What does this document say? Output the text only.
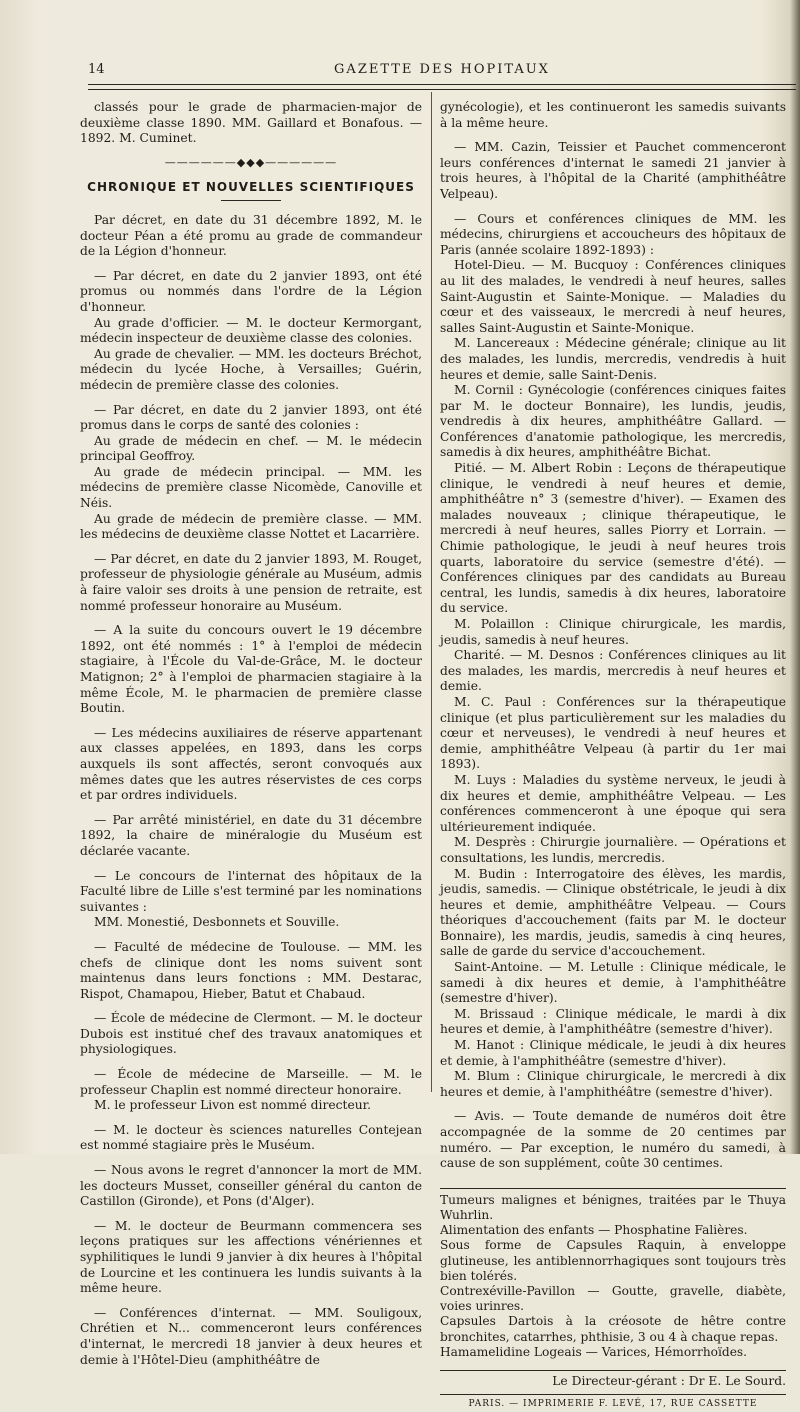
14	GAZETTE DES HOPITAUX

classés pour le grade de pharmacien-major de deuxième classe 1890. MM. Gaillard et Bonafous. — 1892. M. Cuminet.

——————◆◆◆——————
CHRONIQUE ET NOUVELLES SCIENTIFIQUES

Par décret, en date du 31 décembre 1892, M. le docteur Péan a été promu au grade de commandeur de la Légion d'honneur.

— Par décret, en date du 2 janvier 1893, ont été promus ou nommés dans l'ordre de la Légion d'honneur.

Au grade d'officier. — M. le docteur Kermorgant, médecin inspecteur de deuxième classe des colonies.

Au grade de chevalier. — MM. les docteurs Bréchot, médecin du lycée Hoche, à Versailles; Guérin, médecin de première classe des colonies.

— Par décret, en date du 2 janvier 1893, ont été promus dans le corps de santé des colonies :

Au grade de médecin en chef. — M. le médecin principal Geoffroy.

Au grade de médecin principal. — MM. les médecins de première classe Nicomède, Canoville et Néis.

Au grade de médecin de première classe. — MM. les médecins de deuxième classe Nottet et Lacarrière.

— Par décret, en date du 2 janvier 1893, M. Rouget, professeur de physiologie générale au Muséum, admis à faire valoir ses droits à une pension de retraite, est nommé professeur honoraire au Muséum.

— A la suite du concours ouvert le 19 décembre 1892, ont été nommés : 1° à l'emploi de médecin stagiaire, à l'École du Val-de-Grâce, M. le docteur Matignon; 2° à l'emploi de pharmacien stagiaire à la même École, M. le pharmacien de première classe Boutin.

— Les médecins auxiliaires de réserve appartenant aux classes appelées, en 1893, dans les corps auxquels ils sont affectés, seront convoqués aux mêmes dates que les autres réservistes de ces corps et par ordres individuels.

— Par arrêté ministériel, en date du 31 décembre 1892, la chaire de minéralogie du Muséum est déclarée vacante.

— Le concours de l'internat des hôpitaux de la Faculté libre de Lille s'est terminé par les nominations suivantes :

MM. Monestié, Desbonnets et Souville.

— Faculté de médecine de Toulouse. — MM. les chefs de clinique dont les noms suivent sont maintenus dans leurs fonctions : MM. Destarac, Rispot, Chamapou, Hieber, Batut et Chabaud.

— École de médecine de Clermont. — M. le docteur Dubois est institué chef des travaux anatomiques et physiologiques.

— École de médecine de Marseille. — M. le professeur Chaplin est nommé directeur honoraire.

M. le professeur Livon est nommé directeur.

— M. le docteur ès sciences naturelles Contejean est nommé stagiaire près le Muséum.

— Nous avons le regret d'annoncer la mort de MM. les docteurs Musset, conseiller général du canton de Castillon (Gironde), et Pons (d'Alger).

— M. le docteur de Beurmann commencera ses leçons pratiques sur les affections vénériennes et syphilitiques le lundi 9 janvier à dix heures à l'hôpital de Lourcine et les continuera les lundis suivants à la même heure.

— Conférences d'internat. — MM. Souligoux, Chrétien et N... commenceront leurs conférences d'internat, le mercredi 18 janvier à deux heures et demie à l'Hôtel-Dieu (amphithéâtre de

gynécologie), et les continueront les samedis suivants à la même heure.

— MM. Cazin, Teissier et Pauchet commenceront leurs conférences d'internat le samedi 21 janvier à trois heures, à l'hôpital de la Charité (amphithéâtre Velpeau).

— Cours et conférences cliniques de MM. les médecins, chirurgiens et accoucheurs des hôpitaux de Paris (année scolaire 1892-1893) :

Hotel-Dieu. — M. Bucquoy : Conférences cliniques au lit des malades, le vendredi à neuf heures, salles Saint-Augustin et Sainte-Monique. — Maladies du cœur et des vaisseaux, le mercredi à neuf heures, salles Saint-Augustin et Sainte-Monique.

M. Lancereaux : Médecine générale; clinique au lit des malades, les lundis, mercredis, vendredis à huit heures et demie, salle Saint-Denis.

M. Cornil : Gynécologie (conférences ciniques faites par M. le docteur Bonnaire), les lundis, jeudis, vendredis à dix heures, amphithéâtre Gallard. — Conférences d'anatomie pathologique, les mercredis, samedis à dix heures, amphithéâtre Bichat.

Pitié. — M. Albert Robin : Leçons de thérapeutique clinique, le vendredi à neuf heures et demie, amphithéâtre n° 3 (semestre d'hiver). — Examen des malades nouveaux ; clinique thérapeutique, le mercredi à neuf heures, salles Piorry et Lorrain. — Chimie pathologique, le jeudi à neuf heures trois quarts, laboratoire du service (semestre d'été). — Conférences cliniques par des candidats au Bureau central, les lundis, samedis à dix heures, laboratoire du service.

M. Polaillon : Clinique chirurgicale, les mardis, jeudis, samedis à neuf heures.

Charité. — M. Desnos : Conférences cliniques au lit des malades, les mardis, mercredis à neuf heures et demie.

M. C. Paul : Conférences sur la thérapeutique clinique (et plus particulièrement sur les maladies du cœur et nerveuses), le vendredi à neuf heures et demie, amphithéâtre Velpeau (à partir du 1er mai 1893).

M. Luys : Maladies du système nerveux, le jeudi à dix heures et demie, amphithéâtre Velpeau. — Les conférences commenceront à une époque qui sera ultérieurement indiquée.

M. Desprès : Chirurgie journalière. — Opérations et consultations, les lundis, mercredis.

M. Budin : Interrogatoire des élèves, les mardis, jeudis, samedis. — Clinique obstétricale, le jeudi à dix heures et demie, amphithéâtre Velpeau. — Cours théoriques d'accouchement (faits par M. le docteur Bonnaire), les mardis, jeudis, samedis à cinq heures, salle de garde du service d'accouchement.

Saint-Antoine. — M. Letulle : Clinique médicale, le samedi à dix heures et demie, à l'amphithéâtre (semestre d'hiver).

M. Brissaud : Clinique médicale, le mardi à dix heures et demie, à l'amphithéâtre (semestre d'hiver).

M. Hanot : Clinique médicale, le jeudi à dix heures et demie, à l'amphithéâtre (semestre d'hiver).

M. Blum : Clinique chirurgicale, le mercredi à dix heures et demie, à l'amphithéâtre (semestre d'hiver).

— Avis. — Toute demande de numéros doit être accompagnée de la somme de 20 centimes par numéro. — Par exception, le numéro du samedi, à cause de son supplément, coûte 30 centimes.

Tumeurs malignes et bénignes, traitées par le Thuya Wuhrlin.

Alimentation des enfants — Phosphatine Falières.

Sous forme de Capsules Raquin, à enveloppe glutineuse, les antiblennorrhagiques sont toujours très bien tolérés.

Contrexéville-Pavillon — Goutte, gravelle, diabète, voies urinres.

Capsules Dartois à la créosote de hêtre contre bronchites, catarrhes, phthisie, 3 ou 4 à chaque repas.

Hamamelidine Logeais — Varices, Hémorrhoïdes.

Le Directeur-gérant : Dr E. Le Sourd.
PARIS. — IMPRIMERIE F. LEVÉ, 17, RUE CASSETTE
